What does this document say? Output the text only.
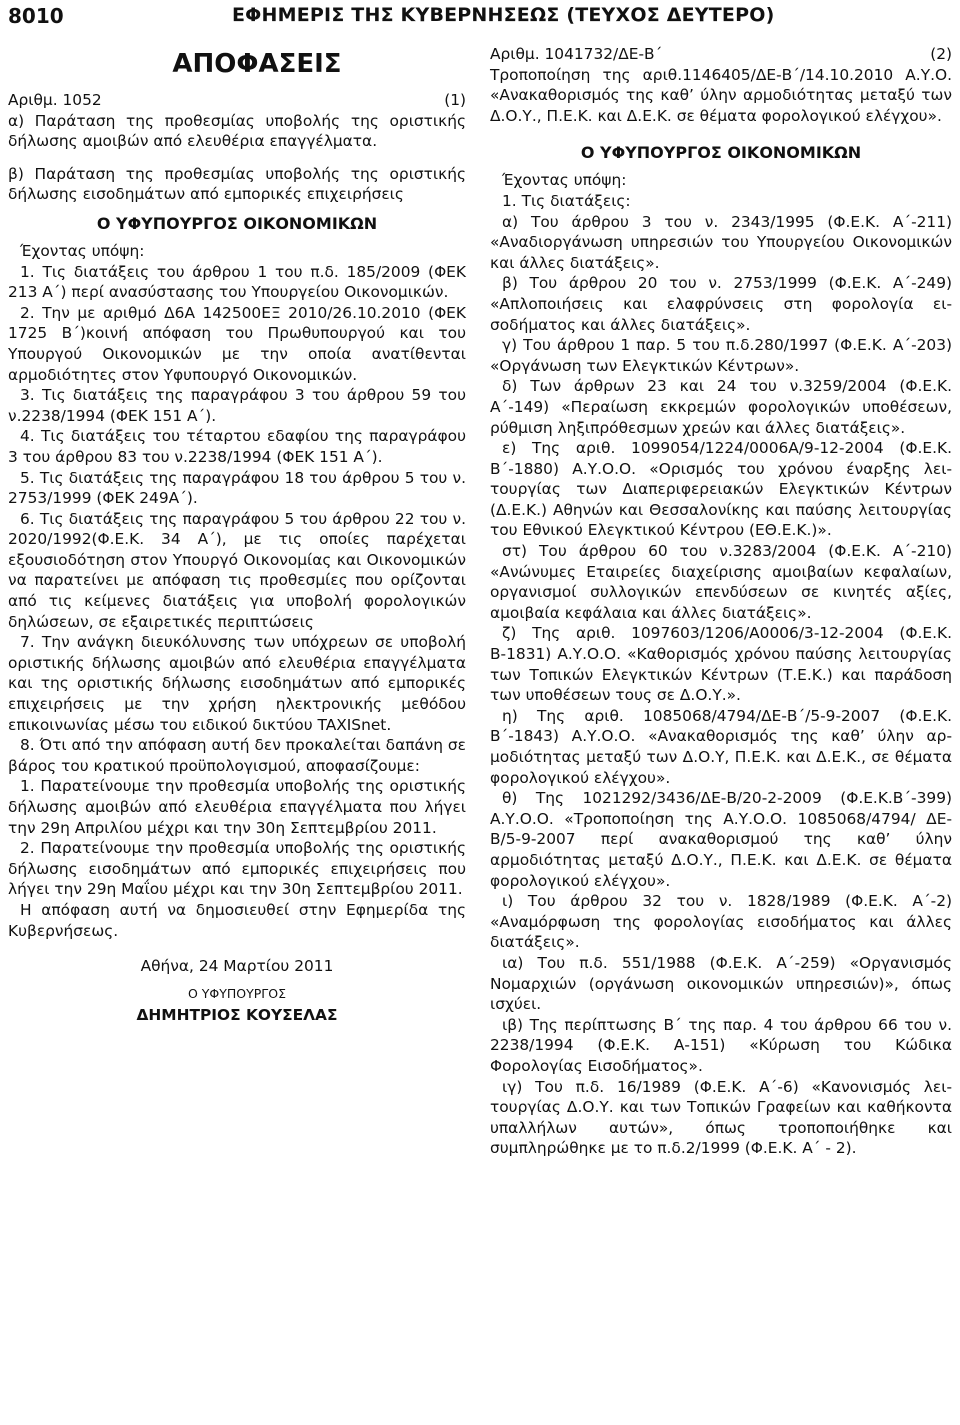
8010	ΕΦΗΜΕΡΙΣ ΤΗΣ ΚΥΒΕΡΝΗΣΕΩΣ (ΤΕΥΧΟΣ ΔΕΥΤΕΡΟ)
ΑΠΟΦΑΣΕΙΣ
Αριθμ. 1052	(1)

α) Παράταση της προθεσμίας υποβολής της οριστικής δήλωσης αμοιβών από ελευθέρια επαγγέλματα.

β) Παράταση της προθεσμίας υποβολής της οριστικής δήλωσης εισοδημάτων από εμπορικές επιχειρήσεις

Ο ΥΦΥΠΟΥΡΓΟΣ ΟΙΚΟΝΟΜΙΚΩΝ

Έχοντας υπόψη:

1. Τις διατάξεις του άρθρου 1 του π.δ. 185/2009 (ΦΕΚ 213 Α΄) περί ανασύστασης του Υπουργείου Οικονομικών.

2. Την με αριθμό Δ6Α 142500ΕΞ 2010/26.10.2010 (ΦΕΚ 1725 Β΄)κοινή απόφαση του Πρωθυπουργού και του Υπουργού Οικονομικών με την οποία ανατίθενται αρμοδιότητες στον Υφυπουργό Οικονομικών.

3. Τις διατάξεις της παραγράφου 3 του άρθρου 59 του ν.2238/1994 (ΦΕΚ 151 Α΄).

4. Τις διατάξεις του τέταρτου εδαφίου της παραγράφου 3 του άρθρου 83 του ν.2238/1994 (ΦΕΚ 151 Α΄).

5. Τις διατάξεις της παραγράφου 18 του άρθρου 5 του ν. 2753/1999 (ΦΕΚ 249Α΄).

6. Τις διατάξεις της παραγράφου 5 του άρθρου 22 του ν. 2020/1992(Φ.Ε.Κ. 34 Α΄), με τις οποίες παρέχεται εξουσιοδότηση στον Υπουργό Οικονομίας και Οικονομικών να παρατείνει με απόφαση τις προθεσμίες που ορίζονται από τις κείμενες διατάξεις για υποβολή φορολογικών δηλώσεων, σε εξαιρετικές περιπτώσεις

7. Την ανάγκη διευκόλυνσης των υπόχρεων σε υποβολή οριστικής δήλωσης αμοιβών από ελευθέρια επαγγέλματα και της οριστικής δήλωσης εισοδημάτων από εμπορικές επιχειρήσεις με την χρήση ηλεκτρονικής μεθόδου επικοινωνίας μέσω του ειδικού δικτύου TAXISnet.

8. Ότι από την απόφαση αυτή δεν προκαλείται δαπάνη σε βάρος του κρατικού προϋπολογισμού, αποφασίζουμε:

1. Παρατείνουμε την προθεσμία υποβολής της οριστικής δήλωσης αμοιβών από ελευθέρια επαγγέλματα που λήγει την 29η Απριλίου μέχρι και την 30η Σεπτεμβρίου 2011.

2. Παρατείνουμε την προθεσμία υποβολής της οριστικής δήλωσης εισοδημάτων από εμπορικές επιχειρήσεις που λήγει την 29η Μαΐου μέχρι και την 30η Σεπτεμβρίου 2011.

Η απόφαση αυτή να δημοσιευθεί στην Εφημερίδα της Κυβερνήσεως.

Αθήνα, 24 Μαρτίου 2011
Ο ΥΦΥΠΟΥΡΓΟΣ
ΔΗΜΗΤΡΙΟΣ ΚΟΥΣΕΛΑΣ
Αριθμ. 1041732/ΔΕ-Β΄	(2)

Τροποποίηση της αριθ.1146405/ΔΕ-Β΄/14.10.2010 Α.Υ.Ο. «Ανακαθορισμός της καθ’ ύλην αρμοδιότητας μεταξύ των Δ.Ο.Υ., Π.Ε.Κ. και Δ.Ε.Κ. σε θέματα φορολογικού ελέγχου».

Ο ΥΦΥΠΟΥΡΓΟΣ ΟΙΚΟΝΟΜΙΚΩΝ

Έχοντας υπόψη:

1. Τις διατάξεις:

α) Του άρθρου 3 του ν. 2343/1995 (Φ.Ε.Κ. Α΄-211) «Αναδιοργάνωση υπηρεσιών του Υπουργείου Οικονομικών και άλλες διατάξεις».

β) Του άρθρου 20 του ν. 2753/1999 (Φ.Ε.Κ. Α΄-249) «Απλοποιήσεις και ελαφρύνσεις στη φορολογία εισοδήματος και άλλες διατάξεις».

γ) Του άρθρου 1 παρ. 5 του π.δ.280/1997 (Φ.Ε.Κ. Α΄-203) «Οργάνωση των Ελεγκτικών Κέντρων».

δ) Των άρθρων 23 και 24 του ν.3259/2004 (Φ.Ε.Κ. Α΄-149) «Περαίωση εκκρεμών φορολογικών υποθέσεων, ρύθμιση ληξιπρόθεσμων χρεών και άλλες διατάξεις».

ε) Της αριθ. 1099054/1224/0006Α/9-12-2004 (Φ.Ε.Κ. Β΄-1880) Α.Υ.Ο.Ο. «Ορισμός του χρόνου έναρξης λειτουργίας των Διαπεριφερειακών Ελεγκτικών Κέντρων (Δ.Ε.Κ.) Αθηνών και Θεσσαλονίκης και παύσης λειτουργίας του Εθνικού Ελεγκτικού Κέντρου (ΕΘ.Ε.Κ.)».

στ) Του άρθρου 60 του ν.3283/2004 (Φ.Ε.Κ. Α΄-210) «Ανώνυμες Εταιρείες διαχείρισης αμοιβαίων κεφαλαίων, οργανισμοί συλλογικών επενδύσεων σε κινητές αξίες, αμοιβαία κεφάλαια και άλλες διατάξεις».

ζ) Της αριθ. 1097603/1206/Α0006/3-12-2004 (Φ.Ε.Κ. Β-1831) Α.Υ.Ο.Ο. «Καθορισμός χρόνου παύσης λειτουργίας των Τοπικών Ελεγκτικών Κέντρων (Τ.Ε.Κ.) και παράδοση των υποθέσεων τους σε Δ.Ο.Υ.».

η) Της αριθ. 1085068/4794/ΔΕ-Β΄/5-9-2007 (Φ.Ε.Κ. Β΄-1843) Α.Υ.Ο.Ο. «Ανακαθορισμός της καθ’ ύλην αρμοδιότητας μεταξύ των Δ.Ο.Υ, Π.Ε.Κ. και Δ.Ε.Κ., σε θέματα φορολογικού ελέγχου».

θ) Της 1021292/3436/ΔΕ-Β/20-2-2009 (Φ.Ε.Κ.Β΄-399) Α.Υ.Ο.Ο. «Τροποποίηση της Α.Υ.Ο.Ο. 1085068/4794/ ΔΕ-Β/5-9-2007 περί ανακαθορισμού της καθ’ ύλην αρμοδιότητας μεταξύ Δ.Ο.Υ., Π.Ε.Κ. και Δ.Ε.Κ. σε θέματα φορολογικού ελέγχου».

ι) Του άρθρου 32 του ν. 1828/1989 (Φ.Ε.Κ. Α΄-2) «Αναμόρφωση της φορολογίας εισοδήματος και άλλες διατάξεις».

ια) Του π.δ. 551/1988 (Φ.Ε.Κ. Α΄-259) «Οργανισμός Νομαρχιών (οργάνωση οικονομικών υπηρεσιών)», όπως ισχύει.

ιβ) Της περίπτωσης Β΄ της παρ. 4 του άρθρου 66 του ν. 2238/1994 (Φ.Ε.Κ. Α-151) «Κύρωση του Κώδικα Φορολογίας Εισοδήματος».

ιγ) Του π.δ. 16/1989 (Φ.Ε.Κ. Α΄-6) «Κανονισμός λειτουργίας Δ.Ο.Υ. και των Τοπικών Γραφείων και καθήκοντα υπαλλήλων αυτών», όπως τροποποιήθηκε και συμπληρώθηκε με το π.δ.2/1999 (Φ.Ε.Κ. Α΄ - 2).
